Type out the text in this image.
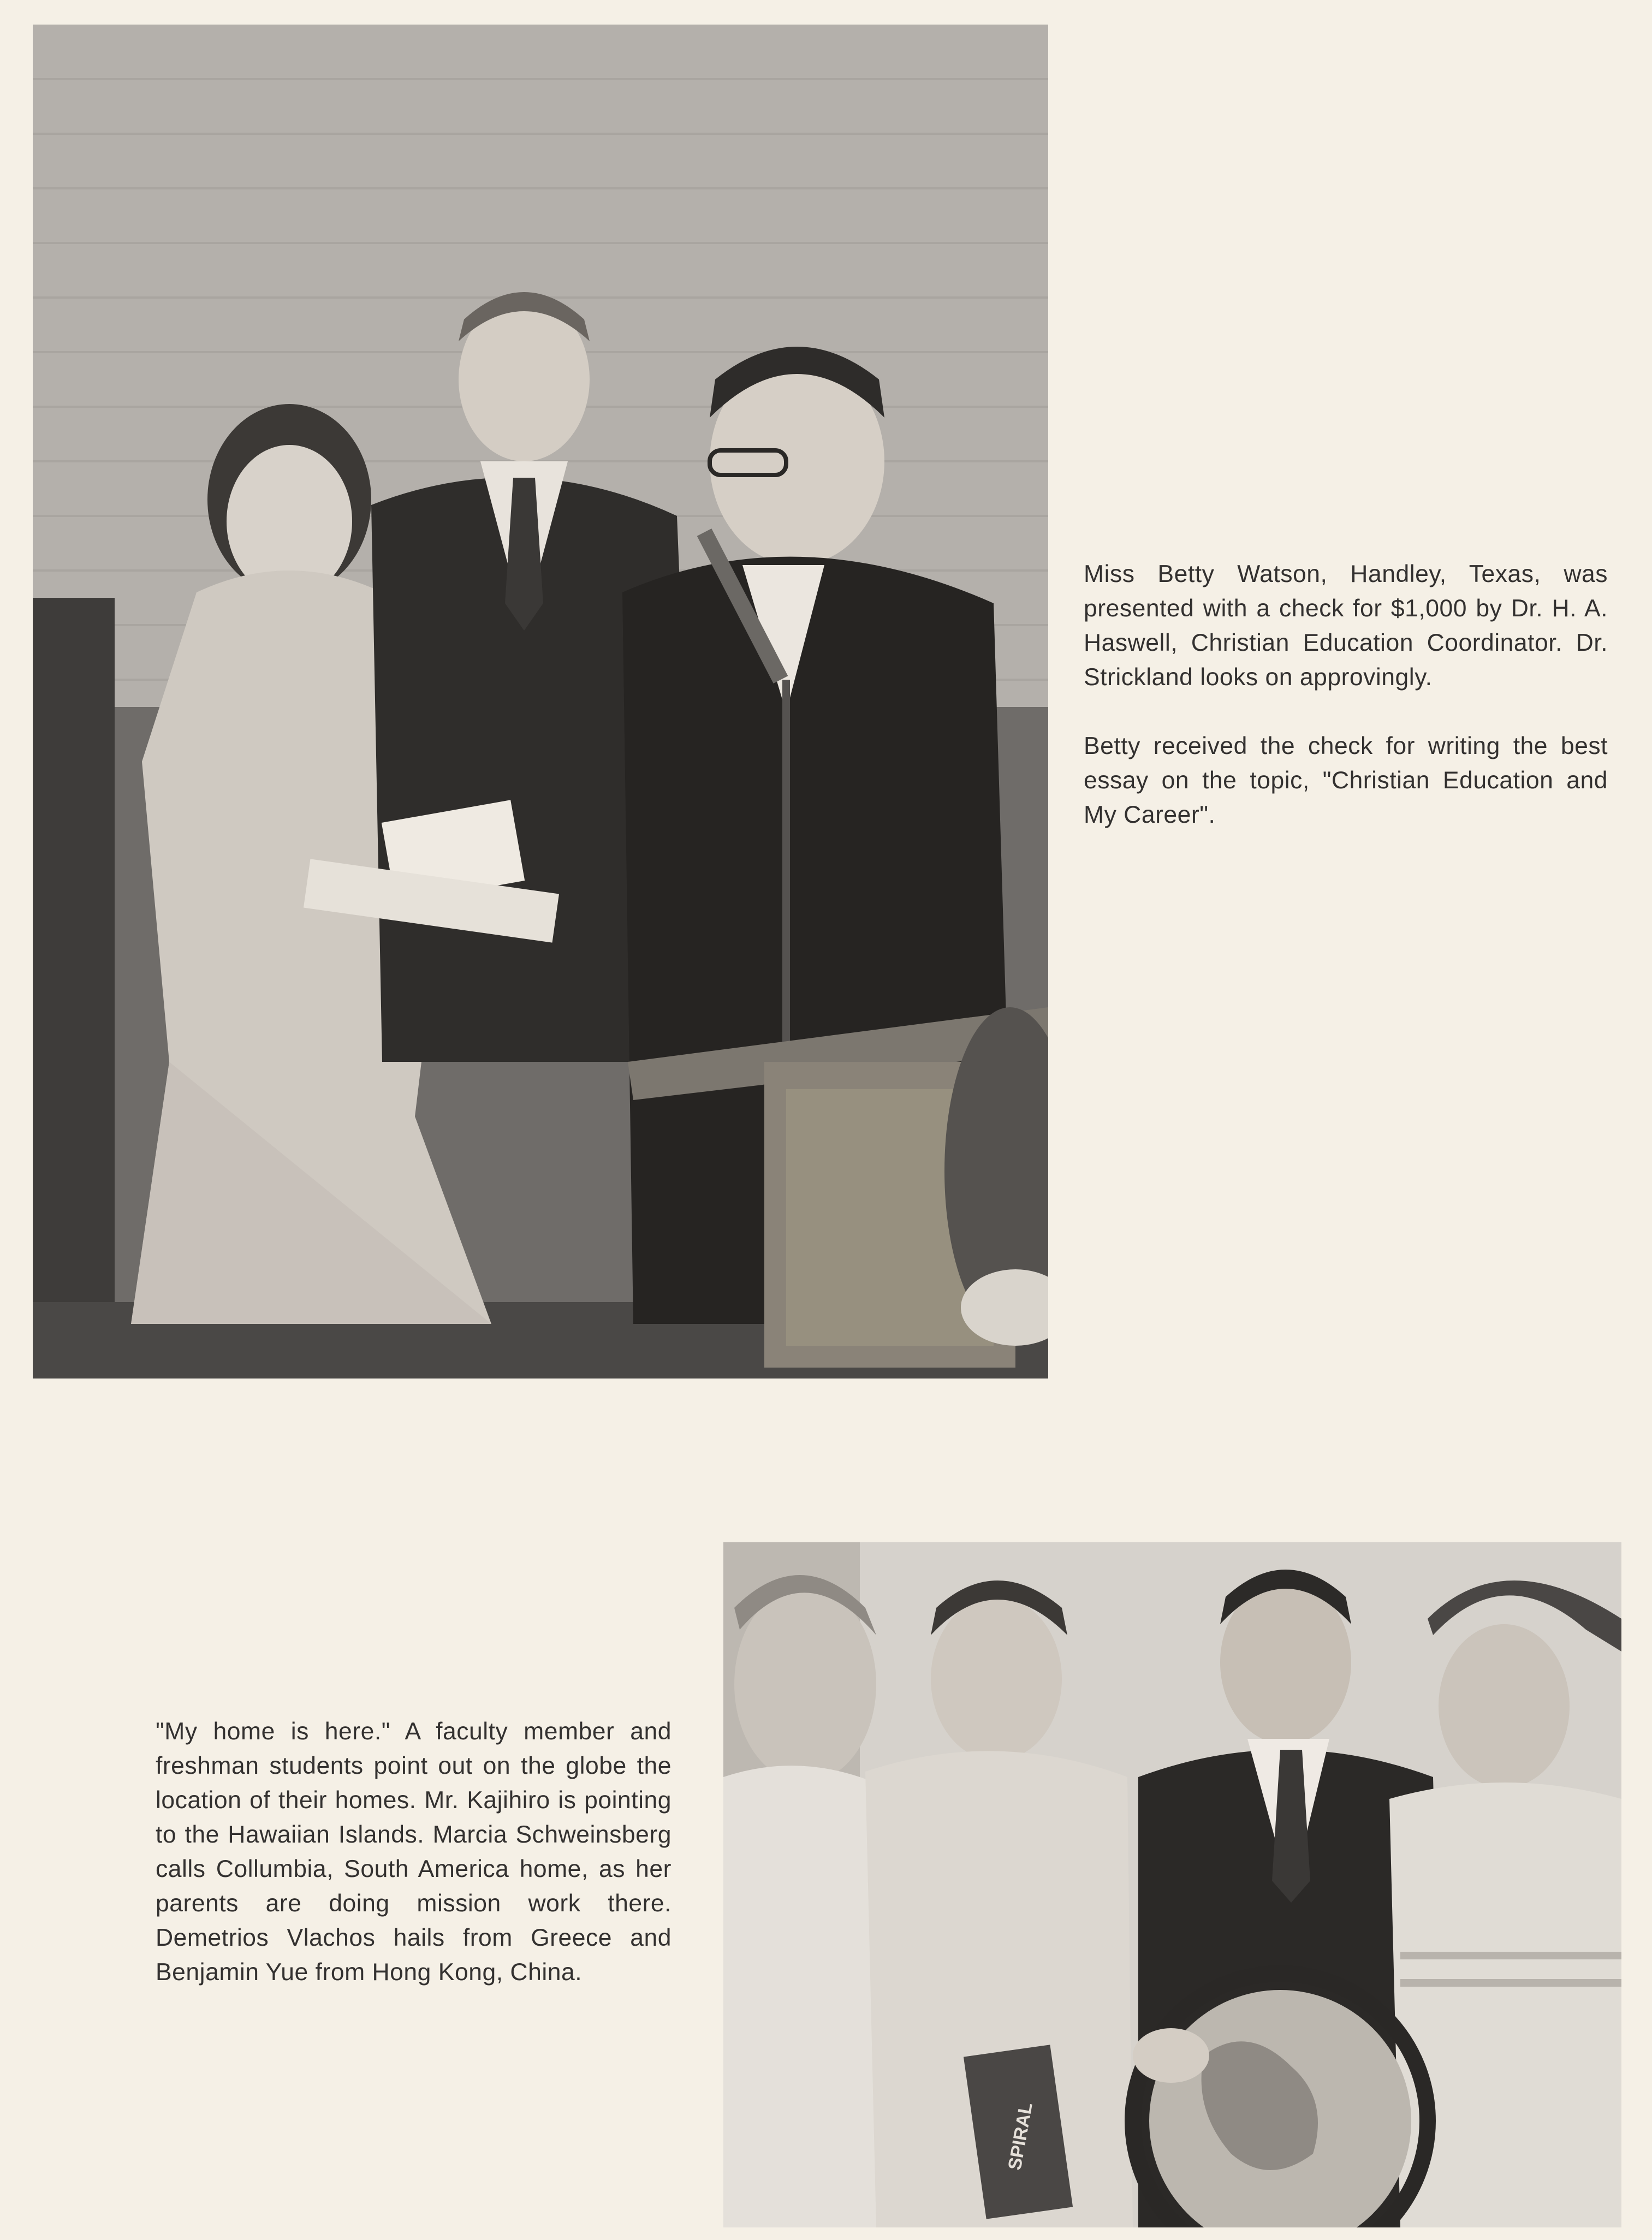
Miss Betty Watson, Handley, Texas, was presented with a check for $1,000 by Dr. H. A. Haswell, Christian Education Coordinator. Dr. Strickland looks on approvingly.

Betty received the check for writing the best essay on the topic, "Christian Education and My Career".

"My home is here." A faculty member and freshman students point out on the globe the location of their homes. Mr. Kajihiro is pointing to the Hawaiian Islands. Marcia Schweinsberg calls Collumbia, South America home, as her parents are doing mission work there. Demetrios Vlachos hails from Greece and Benjamin Yue from Hong Kong, China.

SPIRAL
